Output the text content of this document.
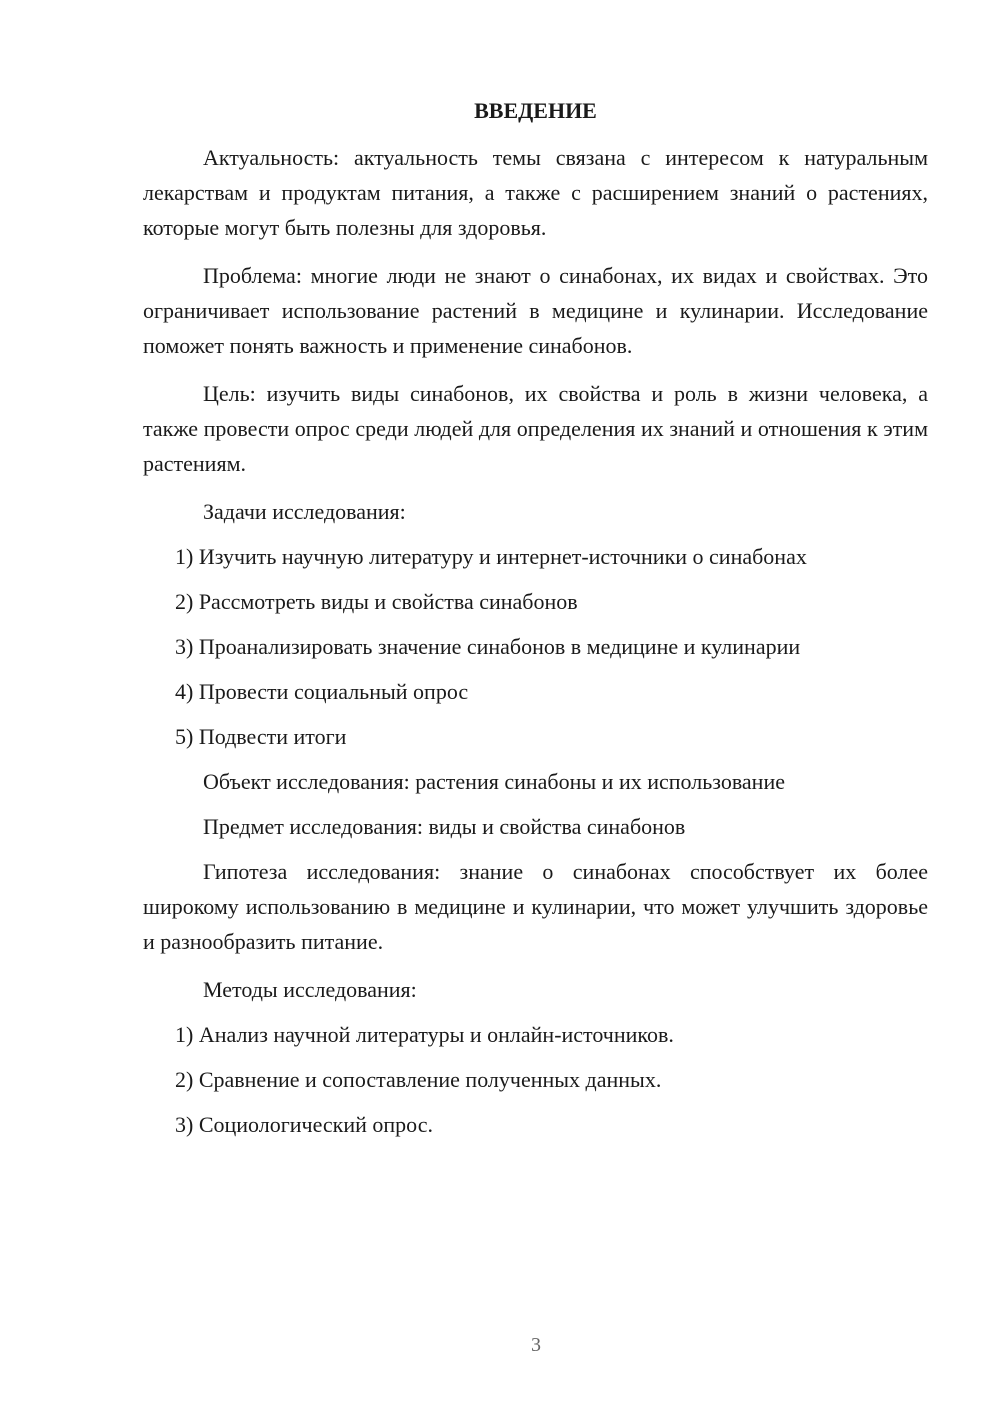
ВВЕДЕНИЕ

Актуальность: актуальность темы связана с интересом к натуральным лекарствам и продуктам питания, а также с расширением знаний о растениях, которые могут быть полезны для здоровья.

Проблема: многие люди не знают о синабонах, их видах и свойствах. Это ограничивает использование растений в медицине и кулинарии. Исследование поможет понять важность и применение синабонов.

Цель: изучить виды синабонов, их свойства и роль в жизни человека, а также провести опрос среди людей для определения их знаний и отношения к этим растениям.

Задачи исследования:

1) Изучить научную литературу и интернет-источники о синабонах

2) Рассмотреть виды и свойства синабонов

3) Проанализировать значение синабонов в медицине и кулинарии

4) Провести социальный опрос

5) Подвести итоги

Объект исследования: растения синабоны и их использование

Предмет исследования: виды и свойства синабонов

Гипотеза исследования: знание о синабонах способствует их более широкому использованию в медицине и кулинарии, что может улучшить здоровье и разнообразить питание.

Методы исследования:

1) Анализ научной литературы и онлайн-источников.

2) Сравнение и сопоставление полученных данных.

3) Социологический опрос.

3
